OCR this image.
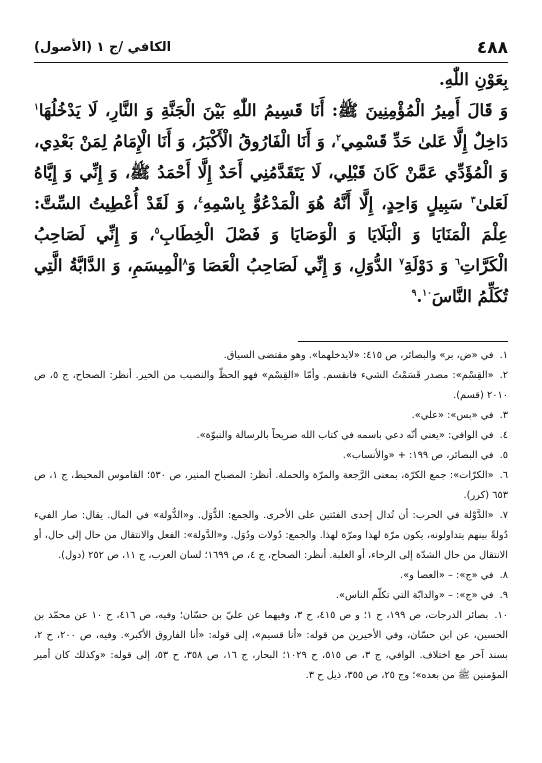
٤٨٨
الكافي /ج ١ (الأصول)

بِعَوْنِ اللّٰهِ.

وَ قَالَ أَمِيرُ الْمُؤْمِنِينَ ﷺ: أَنَا قَسِيمُ اللّٰهِ بَيْنَ الْجَنَّةِ وَ النَّارِ، لَا يَدْخُلُهَا$^١$ دَاخِلٌ إِلَّا عَلىٰ حَدِّ قَسْمِي$^٢$، وَ أَنَا الْفَارُوقُ الْأَكْبَرُ، وَ أَنَا الْإِمَامُ لِمَنْ بَعْدِي، وَ الْمُؤَدِّي عَمَّنْ كَانَ قَبْلِي، لَا يَتَقَدَّمُنِي أَحَدٌ إِلَّا أَحْمَدُ ﷺ، وَ إِنِّي وَ إِيَّاهُ لَعَلىٰ$^٣$ سَبِيلٍ وَاحِدٍ، إِلَّا أَنَّهُ هُوَ الْمَدْعُوُّ بِاسْمِهِ$^٤$، وَ لَقَدْ أُعْطِيتُ السِّتَّ: عِلْمَ الْمَنَايَا وَ الْبَلَايَا وَ الْوَصَايَا وَ فَصْلَ الْخِطَابِ$^٥$، وَ إِنِّي لَصَاحِبُ الْكَرَّاتِ$^٦$ وَ دَوْلَةِ$^٧$ الدُّوَلِ، وَ إِنِّي لَصَاحِبُ الْعَصَا وَ$^٨$الْمِيسَمِ، وَ الدَّابَّةُ الَّتِي تُكَلِّمُ النَّاسَ$^٩$.$^{١٠}$

١.في «ض، بر» والبصائر، ص ٤١٥: «لايدخلهما». وهو مقتضى السياق.

٢.«القِسْم»: مصدر قَسَمْتُ الشيء فانقسم. وأمّا «القِسْم» فهو الحظّ والنصيب من الخير. أنظر: الصحاح، ج ٥، ص ٢٠١٠ (قسم).

٣.في «بس»: «علي».

٤.في الوافي: «يعني أنّه دعي باسمه في كتاب الله صريحاً بالرسالة والنبوّة».

٥.في البصائر، ص ١٩٩: + «والأنساب».

٦.«الكرّات»: جمع الكرّة، بمعنى الرَّجعة والمرّة والحملة. أنظر: المصباح المنير، ص ٥٣٠؛ القاموس المحيط، ج ١، ص ٦٥٣ (كرر).

٧.«الدَّوْلة في الحرب: أن تُدال إحدى الفئتين على الأخرى. والجمع: الدُّوَل. و«الدُّولة» في المال. يقال: صار الفيء دُولةً بينهم يتداولونه، يكون مرّة لهذا ومرّة لهذا. والجمع: دُولات ودُوَل. و«الدَّولة»: الفعل والانتقال من حال إلى حال، أو الانتقال من حال الشدّة إلى الرخاء، أو الغلبة. أنظر: الصحاح، ج ٤، ص ١٦٩٩؛ لسان العرب، ج ١١، ص ٢٥٢ (دول).

٨.في «ج»: – «العصا و».

٩.في «ج»: – «والدابّة التي تكلّم الناس».

١٠.بصائر الدرجات، ص ١٩٩، ح ١؛ و ص ٤١٥، ح ٣، وفيهما عن عليّ بن حسّان؛ وفيه، ص ٤١٦، ح ١٠ عن محمّد بن الحسين، عن ابن حسّان، وفي الأخيرين من قوله: «أنا قسيم»، إلى قوله: «أنا الفاروق الأكبر». وفيه، ص ٢٠٠، ح ٢، بسند آخر مع اختلاف. الوافي، ج ٣، ص ٥١٥، ح ١٠٢٩؛ البحار، ج ١٦، ص ٣٥٨، ح ٥٣، إلى قوله: «وكذلك كان أمير المؤمنين ﷺ من بعده»؛ وج ٢٥، ص ٣٥٥، ذيل ح ٣.
